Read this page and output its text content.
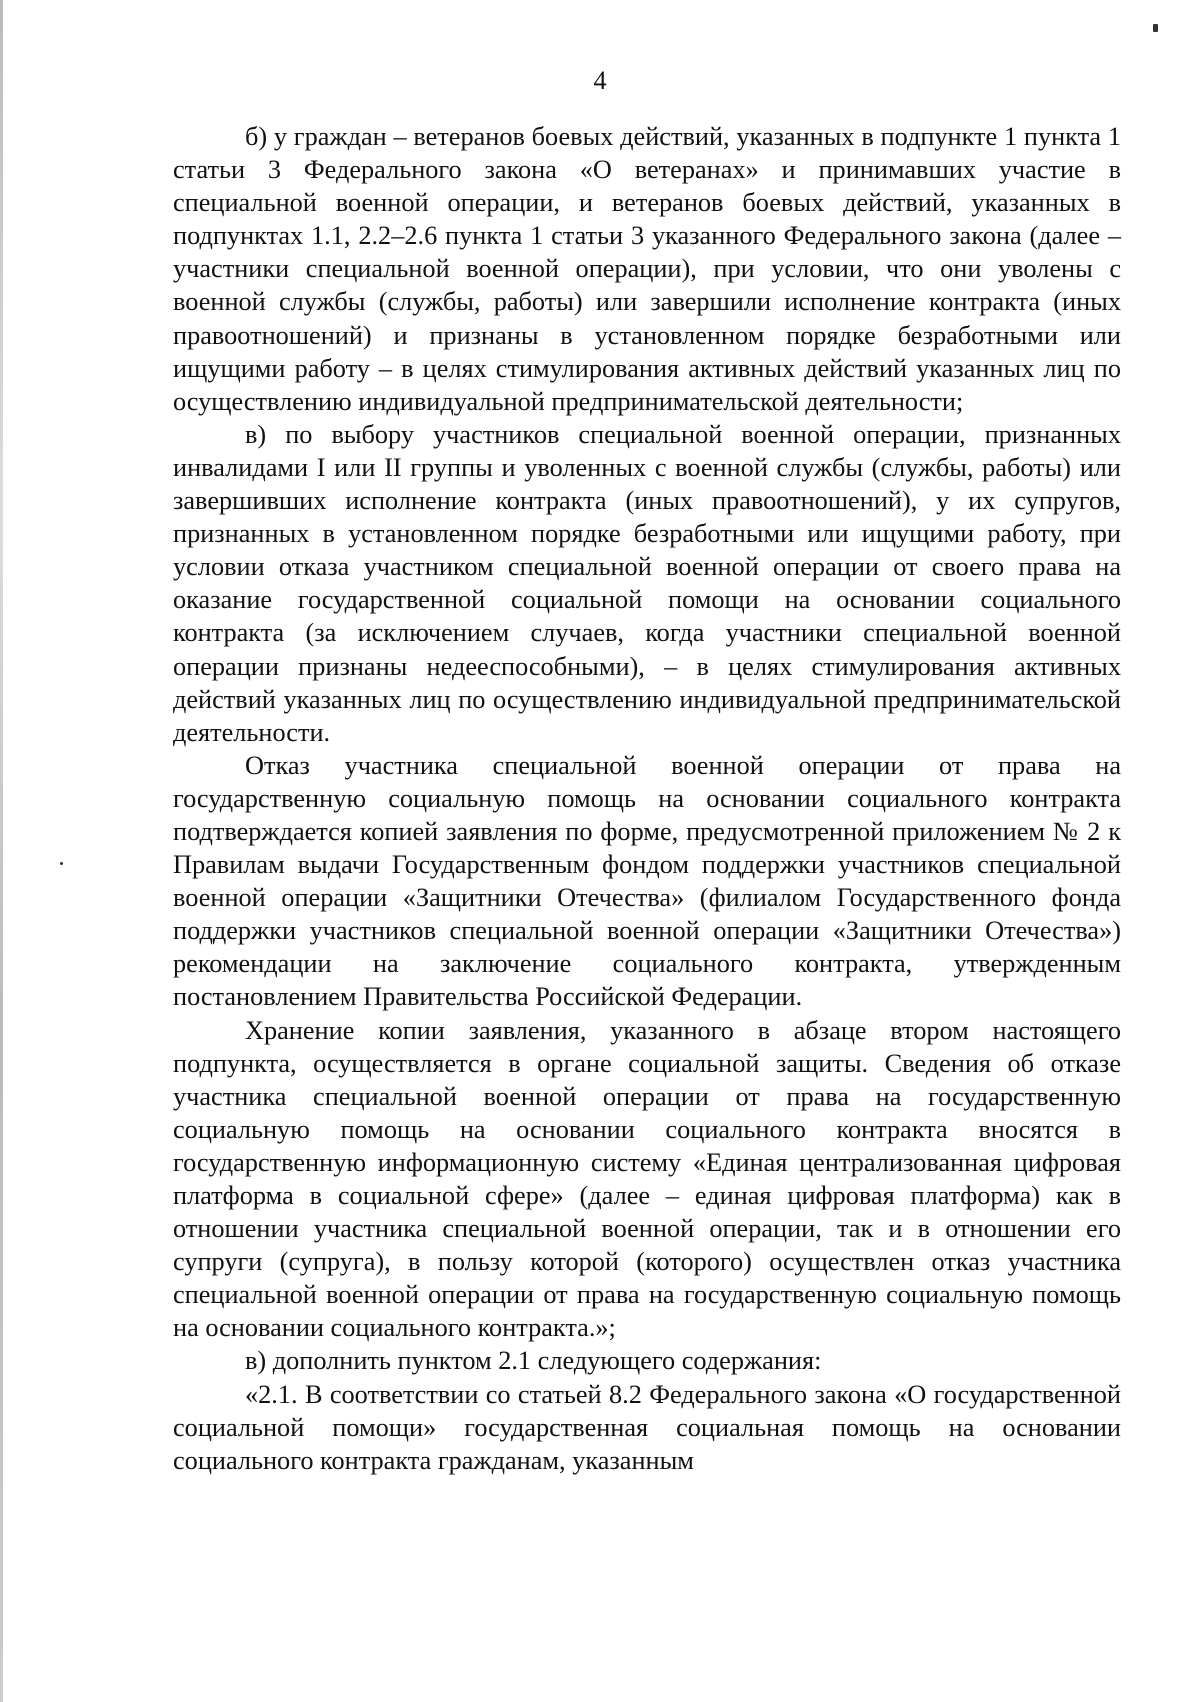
4

б) у граждан – ветеранов боевых действий, указанных в подпункте 1 пункта 1 статьи 3 Федерального закона «О ветеранах» и принимавших участие в специальной военной операции, и ветеранов боевых действий, указанных в подпунктах 1.1, 2.2–2.6 пункта 1 статьи 3 указанного Федерального закона (далее – участники специальной военной операции), при условии, что они уволены с военной службы (службы, работы) или завершили исполнение контракта (иных правоотношений) и признаны в установленном порядке безработными или ищущими работу – в целях стимулирования активных действий указанных лиц по осуществлению индивидуальной предпринимательской деятельности;

в) по выбору участников специальной военной операции, признанных инвалидами I или II группы и уволенных с военной службы (службы, работы) или завершивших исполнение контракта (иных правоотношений), у их супругов, признанных в установленном порядке безработными или ищущими работу, при условии отказа участником специальной военной операции от своего права на оказание государственной социальной помощи на основании социального контракта (за исключением случаев, когда участники специальной военной операции признаны недееспособными), – в целях стимулирования активных действий указанных лиц по осуществлению индивидуальной предпринимательской деятельности.

Отказ участника специальной военной операции от права на государственную социальную помощь на основании социального контракта подтверждается копией заявления по форме, предусмотренной приложением № 2 к Правилам выдачи Государственным фондом поддержки участников специальной военной операции «Защитники Отечества» (филиалом Государственного фонда поддержки участников специальной военной операции «Защитники Отечества») рекомендации на заключение социального контракта, утвержденным постановлением Правительства Российской Федерации.

Хранение копии заявления, указанного в абзаце втором настоящего подпункта, осуществляется в органе социальной защиты. Сведения об отказе участника специальной военной операции от права на государственную социальную помощь на основании социального контракта вносятся в государственную информационную систему «Единая централизованная цифровая платформа в социальной сфере» (далее – единая цифровая платформа) как в отношении участника специальной военной операции, так и в отношении его супруги (супруга), в пользу которой (которого) осуществлен отказ участника специальной военной операции от права на государственную социальную помощь на основании социального контракта.»;

в) дополнить пунктом 2.1 следующего содержания:

«2.1. В соответствии со статьей 8.2 Федерального закона «О государственной социальной помощи» государственная социальная помощь на основании социального контракта гражданам, указанным
